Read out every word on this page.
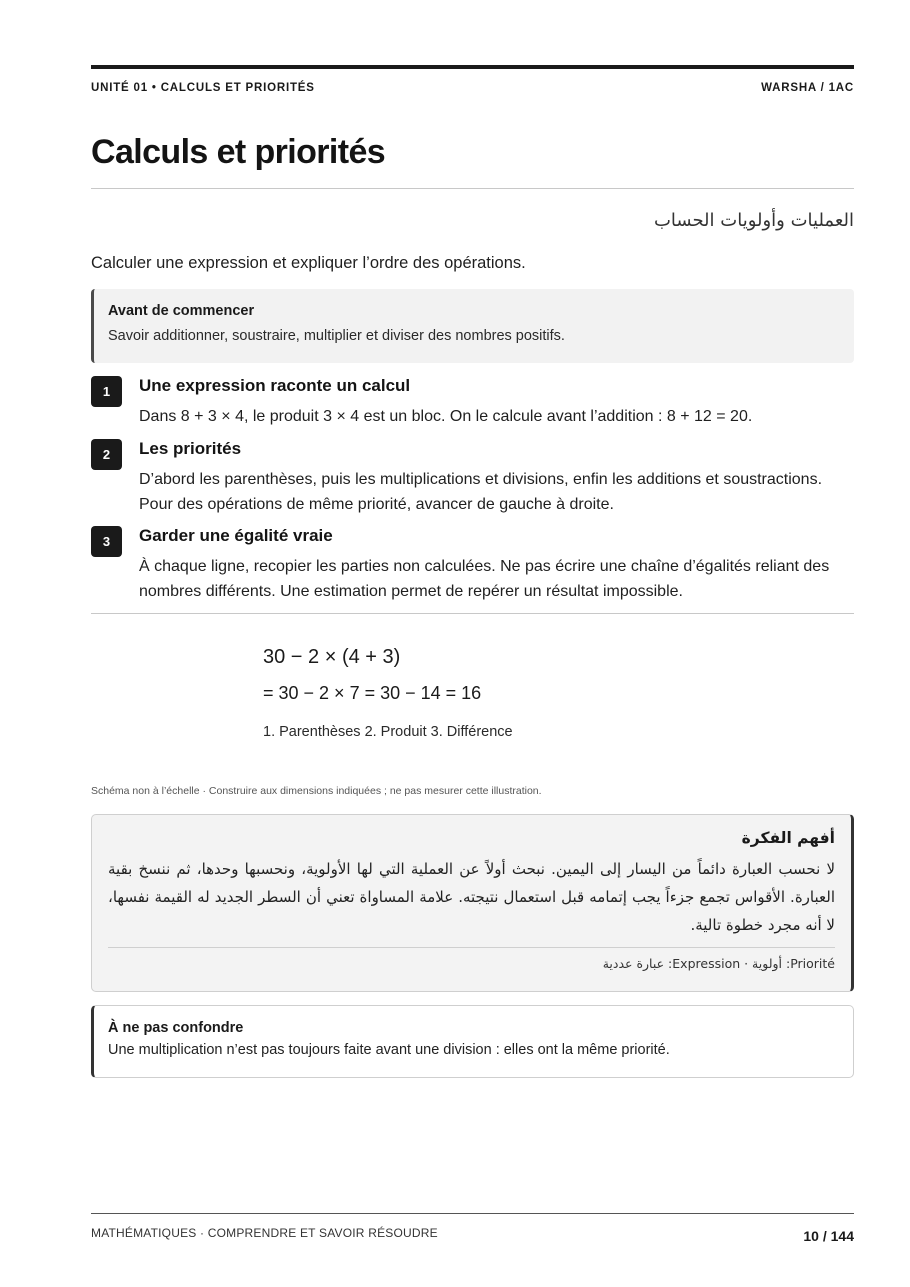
UNITÉ 01 • CALCULS ET PRIORITÉS	WARSHA / 1AC
Calculs et priorités
العمليات وأولويات الحساب

Calculer une expression et expliquer l’ordre des opérations.

Avant de commencer
Savoir additionner, soustraire, multiplier et diviser des nombres positifs.
1	Une expression raconte un calcul
Dans 8 + 3 × 4, le produit 3 × 4 est un bloc. On le calcule avant l’addition : 8 + 12 = 20.
2	Les priorités
D’abord les parenthèses, puis les multiplications et divisions, enfin les additions et soustractions. Pour des opérations de même priorité, avancer de gauche à droite.
3	Garder une égalité vraie
À chaque ligne, recopier les parties non calculées. Ne pas écrire une chaîne d’égalités reliant des nombres différents. Une estimation permet de repérer un résultat impossible.
30 − 2 × (4 + 3)
= 30 − 2 × 7 = 30 − 14 = 16
1. Parenthèses 2. Produit 3. Différence
Schéma non à l’échelle · Construire aux dimensions indiquées ; ne pas mesurer cette illustration.
أفهم الفكرة
لا نحسب العبارة دائماً من اليسار إلى اليمين. نبحث أولاً عن العملية التي لها الأولوية، ونحسبها وحدها، ثم ننسخ بقية العبارة. الأقواس تجمع جزءاً يجب إتمامه قبل استعمال نتيجته. علامة المساواة تعني أن السطر الجديد له القيمة نفسها، لا أنه مجرد خطوة تالية.
Priorité: أولوية · Expression: عبارة عددية
À ne pas confondre
Une multiplication n’est pas toujours faite avant une division : elles ont la même priorité.
MATHÉMATIQUES · COMPRENDRE ET SAVOIR RÉSOUDRE	10 / 144
